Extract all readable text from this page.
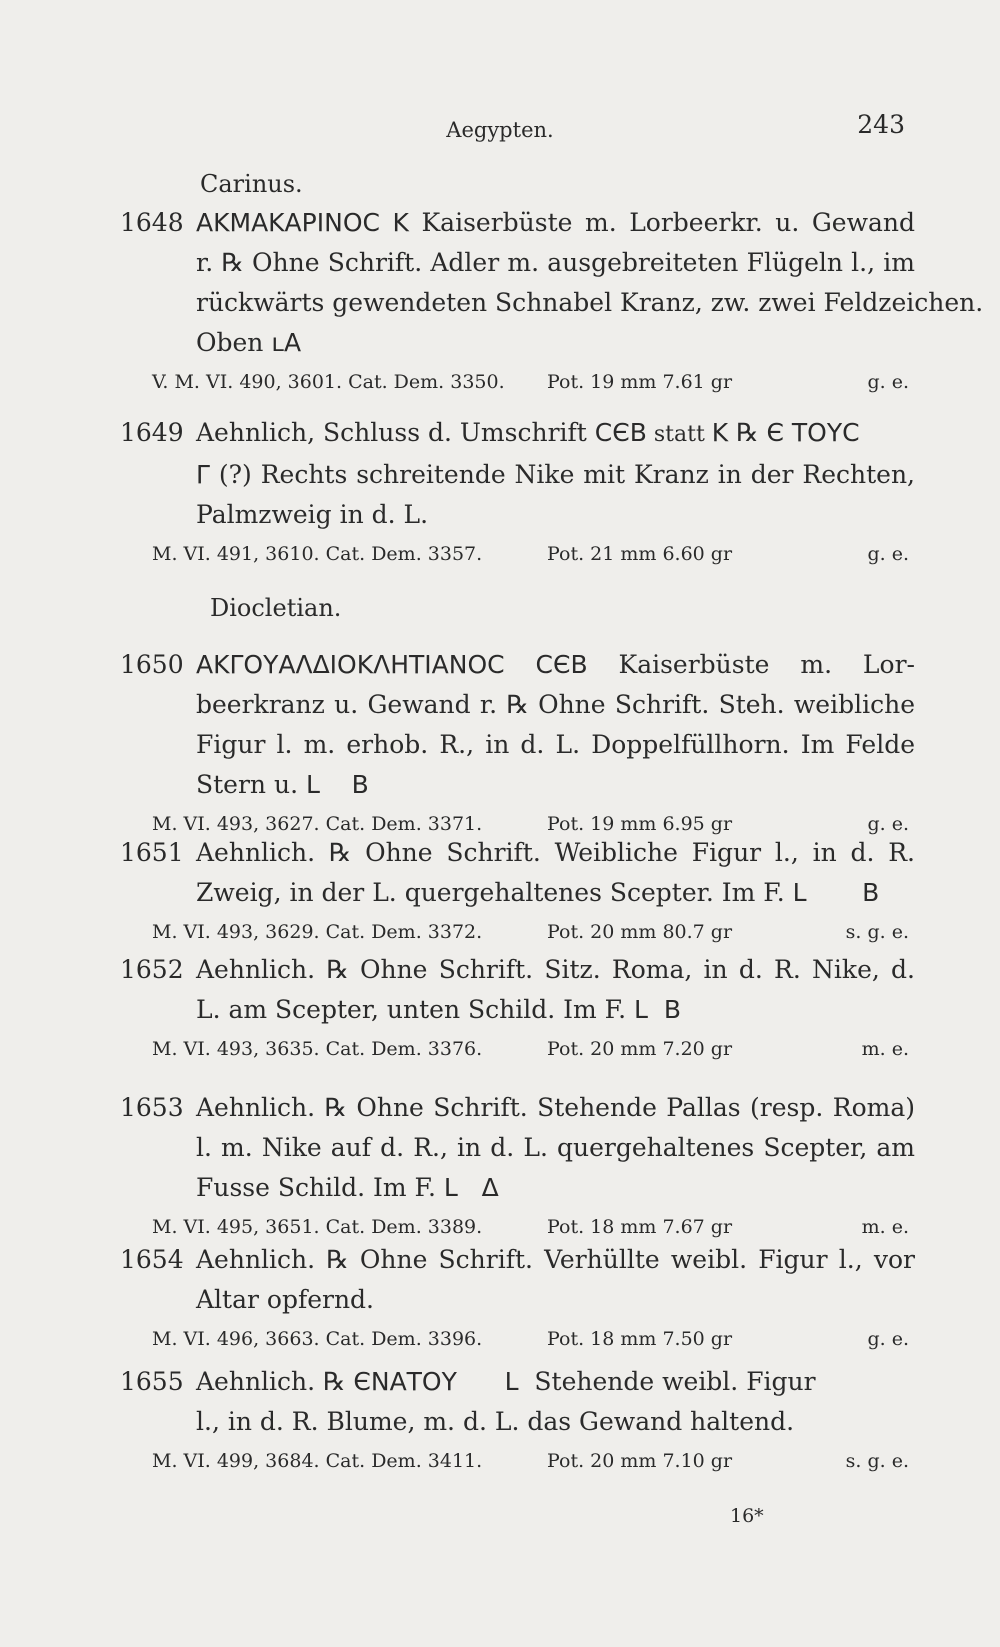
Aegypten.	243
Carinus.
1648 ΑΚΜΑΚΑΡΙΝΟC Κ Kaiserbüste m. Lorbeerkr. u. Gewand
r. ℞ Ohne Schrift. Adler m. ausgebreiteten Flügeln l., im
rückwärts gewendeten Schnabel Kranz, zw. zwei Feldzeichen.
Oben ʟΑ
V. M. VI. 490, 3601. Cat. Dem. 3350.	Pot. 19 mm 7.61 gr	g. e.
1649 Aehnlich, Schluss d. Umschrift CЄΒ statt Κ ℞ Є ΤΟΥC
Γ (?) Rechts schreitende Nike mit Kranz in der Rechten,
Palmzweig in d. L.
M. VI. 491, 3610. Cat. Dem. 3357.	Pot. 21 mm 6.60 gr	g. e.
Diocletian.
1650 ΑΚΓΟΥΑΛΔΙΟΚΛΗΤΙΑΝΟC CЄΒ Kaiserbüste m. Lor-
beerkranz u. Gewand r. ℞ Ohne Schrift. Steh. weibliche
Figur l. m. erhob. R., in d. L. Doppelfüllhorn. Im Felde
Stern u. L    Β
M. VI. 493, 3627. Cat. Dem. 3371.	Pot. 19 mm 6.95 gr	g. e.
1651 Aehnlich. ℞ Ohne Schrift. Weibliche Figur l., in d. R.
Zweig, in der L. quergehaltenes Scepter. Im F. L       Β
M. VI. 493, 3629. Cat. Dem. 3372.	Pot. 20 mm 80.7 gr	s. g. e.
1652 Aehnlich. ℞ Ohne Schrift. Sitz. Roma, in d. R. Nike, d.
L. am Scepter, unten Schild. Im F. L  Β
M. VI. 493, 3635. Cat. Dem. 3376.	Pot. 20 mm 7.20 gr	m. e.
1653 Aehnlich. ℞ Ohne Schrift. Stehende Pallas (resp. Roma)
l. m. Nike auf d. R., in d. L. quergehaltenes Scepter, am
Fusse Schild. Im F. L   Δ
M. VI. 495, 3651. Cat. Dem. 3389.	Pot. 18 mm 7.67 gr	m. e.
1654 Aehnlich. ℞ Ohne Schrift. Verhüllte weibl. Figur l., vor
Altar opfernd.
M. VI. 496, 3663. Cat. Dem. 3396.	Pot. 18 mm 7.50 gr	g. e.
1655 Aehnlich. ℞ ЄΝΑΤΟΥ L  Stehende weibl. Figur
l., in d. R. Blume, m. d. L. das Gewand haltend.
M. VI. 499, 3684. Cat. Dem. 3411.	Pot. 20 mm 7.10 gr	s. g. e.
16*
